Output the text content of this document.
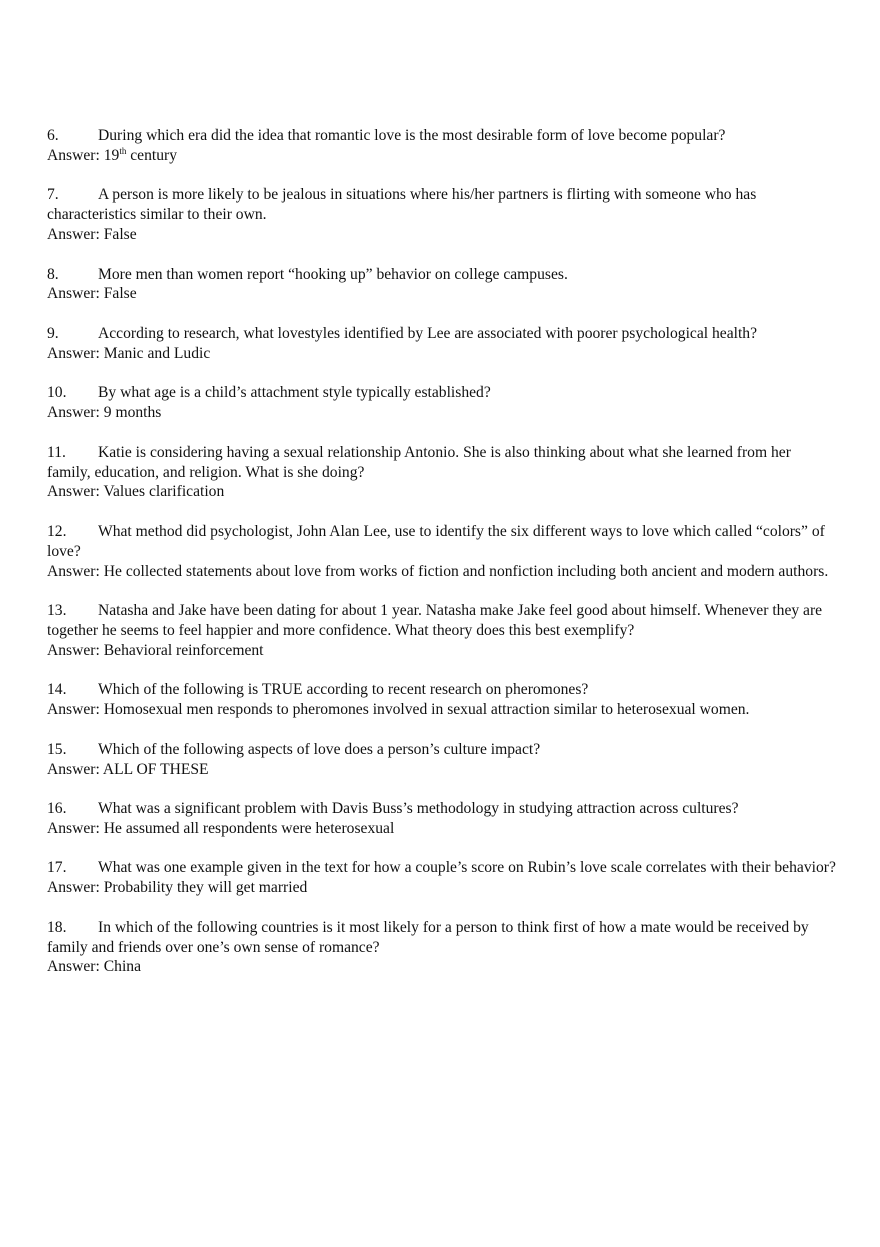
6.	During which era did the idea that romantic love is the most desirable form of love become popular?

Answer: 19th century

7.	A person is more likely to be jealous in situations where his/her partners is flirting with someone who has characteristics similar to their own.

Answer: False

8.	More men than women report “hooking up” behavior on college campuses.

Answer: False

9.	According to research, what lovestyles identified by Lee are associated with poorer psychological health?

Answer: Manic and Ludic

10. By what age is a child’s attachment style typically established?

Answer: 9 months

11. Katie is considering having a sexual relationship Antonio. She is also thinking about what she learned from her family, education, and religion. What is she doing?

Answer: Values clarification

12. What method did psychologist, John Alan Lee, use to identify the six different ways to love which called “colors” of love?

Answer: He collected statements about love from works of fiction and nonfiction including both ancient and modern authors.

13. Natasha and Jake have been dating for about 1 year. Natasha make Jake feel good about himself. Whenever they are together he seems to feel happier and more confidence. What theory does this best exemplify?

Answer: Behavioral reinforcement

14. Which of the following is TRUE according to recent research on pheromones?

Answer: Homosexual men responds to pheromones involved in sexual attraction similar to heterosexual women.

15. Which of the following aspects of love does a person’s culture impact?

Answer: ALL OF THESE

16. What was a significant problem with Davis Buss’s methodology in studying attraction across cultures?

Answer: He assumed all respondents were heterosexual

17. What was one example given in the text for how a couple’s score on Rubin’s love scale correlates with their behavior?

Answer: Probability they will get married

18. In which of the following countries is it most likely for a person to think first of how a mate would be received by family and friends over one’s own sense of romance?

Answer: China
